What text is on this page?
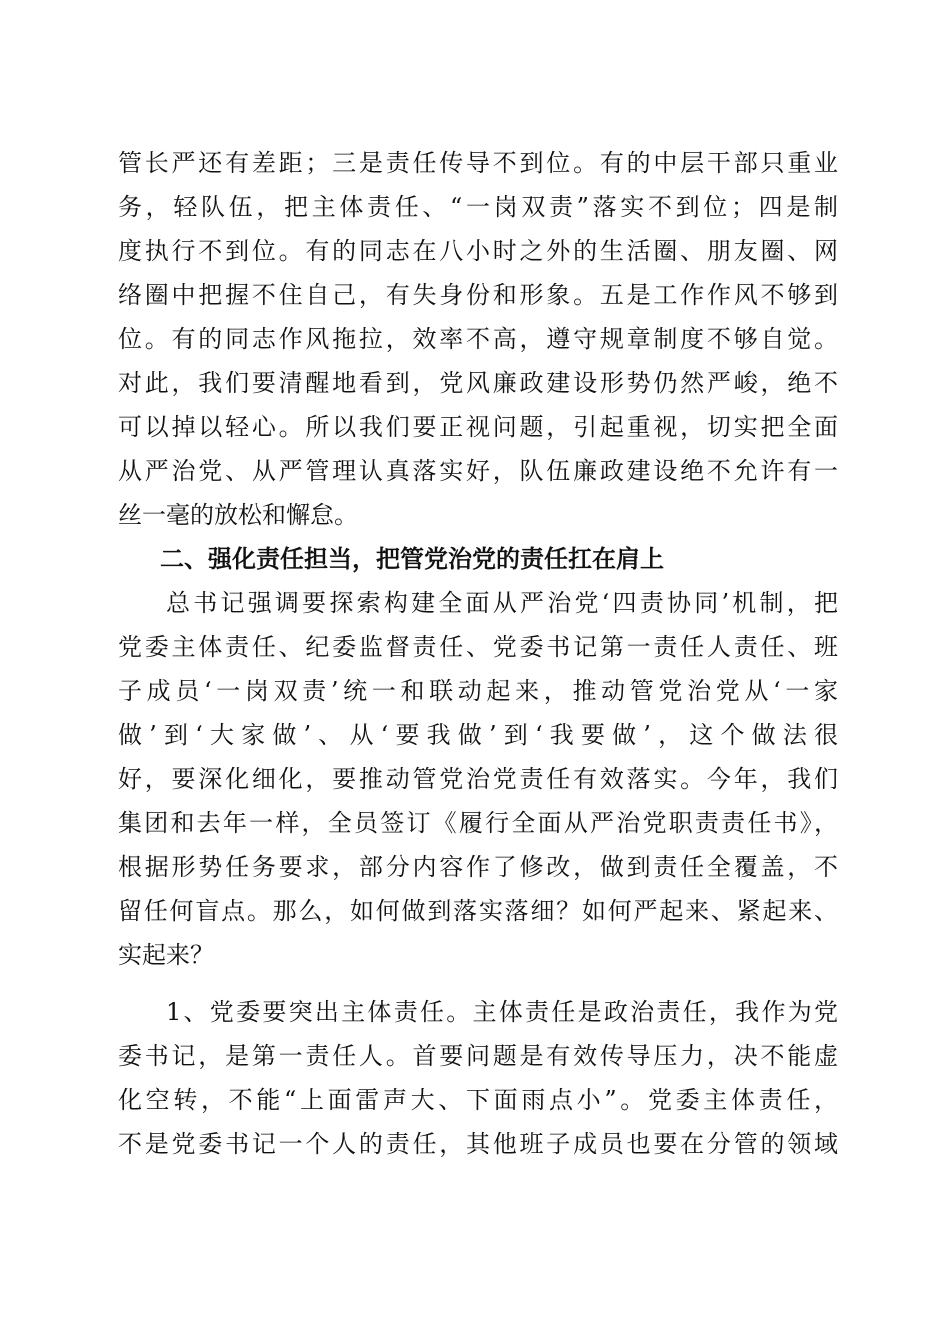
管长严还有差距；三是责任传导不到位。有的中层干部只重业
务，轻队伍，把主体责任、“一岗双责”落实不到位；四是制
度执行不到位。有的同志在八小时之外的生活圈、朋友圈、网
络圈中把握不住自己，有失身份和形象。五是工作作风不够到
位。有的同志作风拖拉，效率不高，遵守规章制度不够自觉。
对此，我们要清醒地看到，党风廉政建设形势仍然严峻，绝不
可以掉以轻心。所以我们要正视问题，引起重视，切实把全面
从严治党、从严管理认真落实好，队伍廉政建设绝不允许有一
丝一毫的放松和懈怠。
二、强化责任担当，把管党治党的责任扛在肩上
总书记强调要探索构建全面从严治党‘四责协同’机制，把
党委主体责任、纪委监督责任、党委书记第一责任人责任、班
子成员‘一岗双责’统一和联动起来，推动管党治党从‘一家
做’到‘大家做’、从‘要我做’到‘我要做’，这个做法很
好，要深化细化，要推动管党治党责任有效落实。今年，我们
集团和去年一样，全员签订《履行全面从严治党职责责任书》，
根据形势任务要求，部分内容作了修改，做到责任全覆盖，不
留任何盲点。那么，如何做到落实落细？如何严起来、紧起来、
实起来？
1、党委要突出主体责任。主体责任是政治责任，我作为党
委书记，是第一责任人。首要问题是有效传导压力，决不能虚
化空转，不能“上面雷声大、下面雨点小”。党委主体责任，
不是党委书记一个人的责任，其他班子成员也要在分管的领域
